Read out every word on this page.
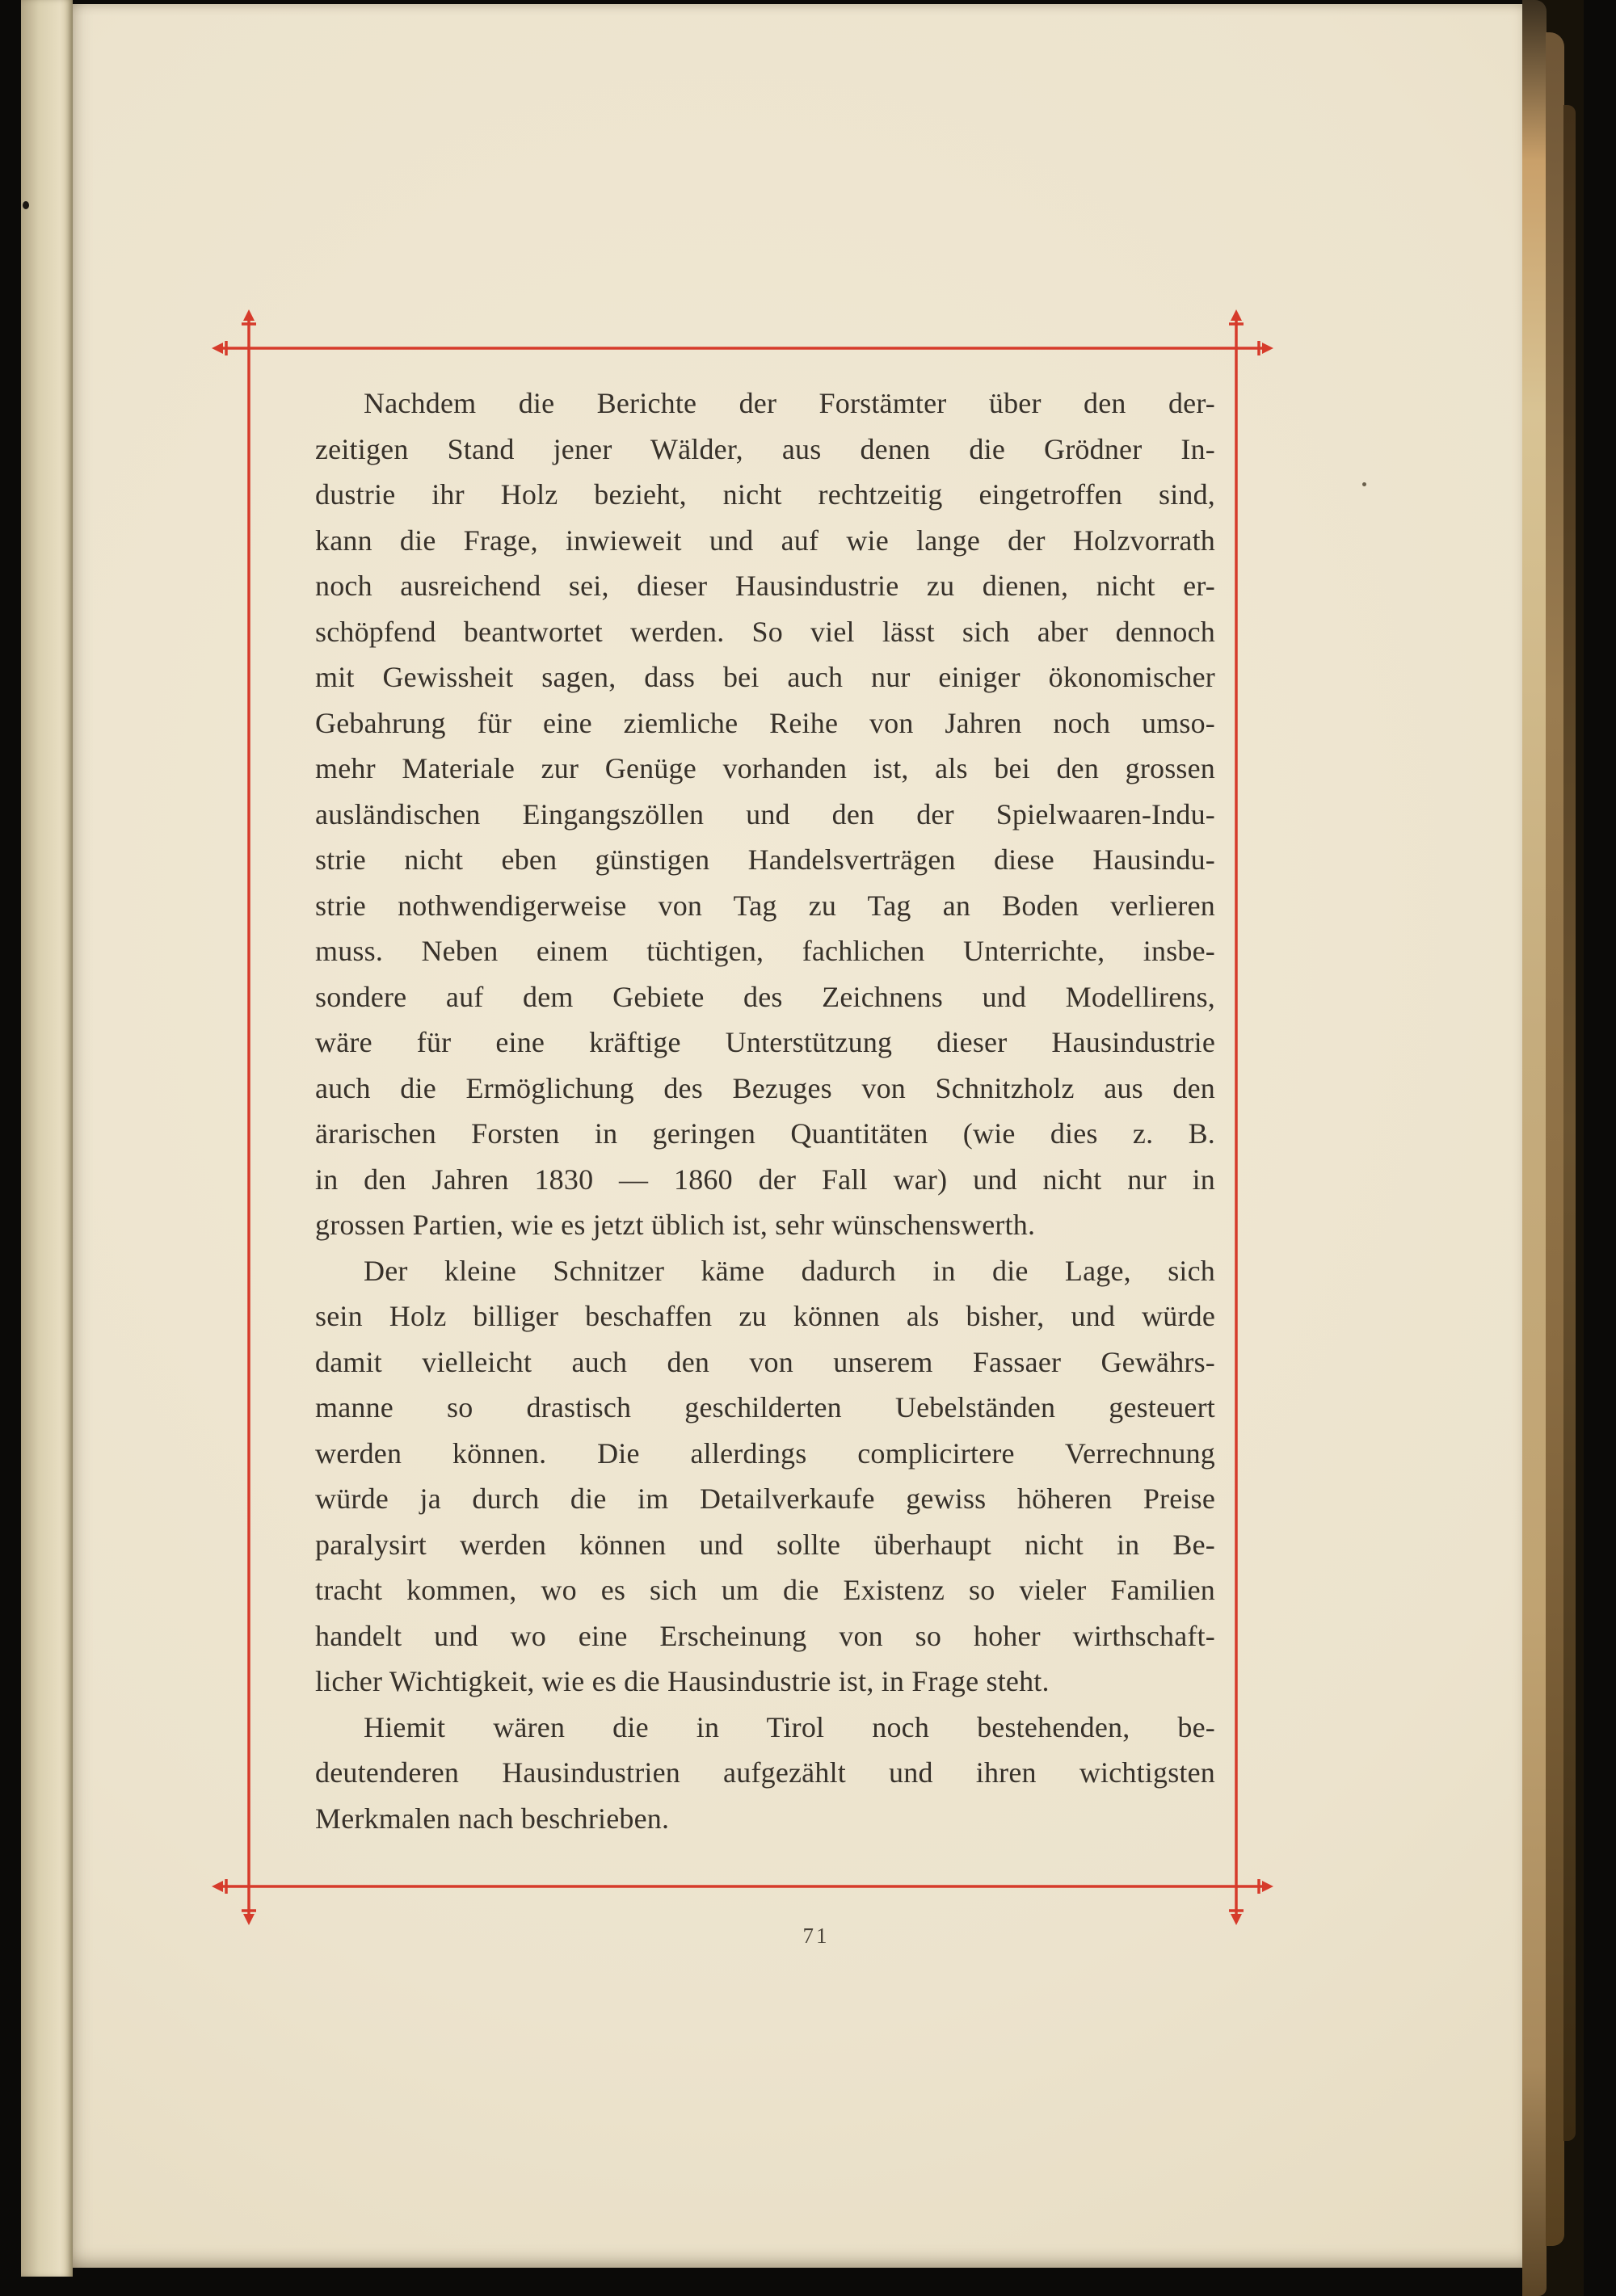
Nachdem die Berichte der Forstämter über den der-
zeitigen Stand jener Wälder, aus denen die Grödner In-
dustrie ihr Holz bezieht, nicht rechtzeitig eingetroffen sind,
kann die Frage, inwieweit und auf wie lange der Holzvorrath
noch ausreichend sei, dieser Hausindustrie zu dienen, nicht er-
schöpfend beantwortet werden. So viel lässt sich aber dennoch
mit Gewissheit sagen, dass bei auch nur einiger ökonomischer
Gebahrung für eine ziemliche Reihe von Jahren noch umso-
mehr Materiale zur Genüge vorhanden ist, als bei den grossen
ausländischen Eingangszöllen und den der Spielwaaren-Indu-
strie nicht eben günstigen Handelsverträgen diese Hausindu-
strie nothwendigerweise von Tag zu Tag an Boden verlieren
muss. Neben einem tüchtigen, fachlichen Unterrichte, insbe-
sondere auf dem Gebiete des Zeichnens und Modellirens,
wäre für eine kräftige Unterstützung dieser Hausindustrie
auch die Ermöglichung des Bezuges von Schnitzholz aus den
ärarischen Forsten in geringen Quantitäten (wie dies z. B.
in den Jahren 1830 — 1860 der Fall war) und nicht nur in
grossen Partien, wie es jetzt üblich ist, sehr wünschenswerth.
Der kleine Schnitzer käme dadurch in die Lage, sich
sein Holz billiger beschaffen zu können als bisher, und würde
damit vielleicht auch den von unserem Fassaer Gewährs-
manne so drastisch geschilderten Uebelständen gesteuert
werden können. Die allerdings complicirtere Verrechnung
würde ja durch die im Detailverkaufe gewiss höheren Preise
paralysirt werden können und sollte überhaupt nicht in Be-
tracht kommen, wo es sich um die Existenz so vieler Familien
handelt und wo eine Erscheinung von so hoher wirthschaft-
licher Wichtigkeit, wie es die Hausindustrie ist, in Frage steht.
Hiemit wären die in Tirol noch bestehenden, be-
deutenderen Hausindustrien aufgezählt und ihren wichtigsten
Merkmalen nach beschrieben.
71
